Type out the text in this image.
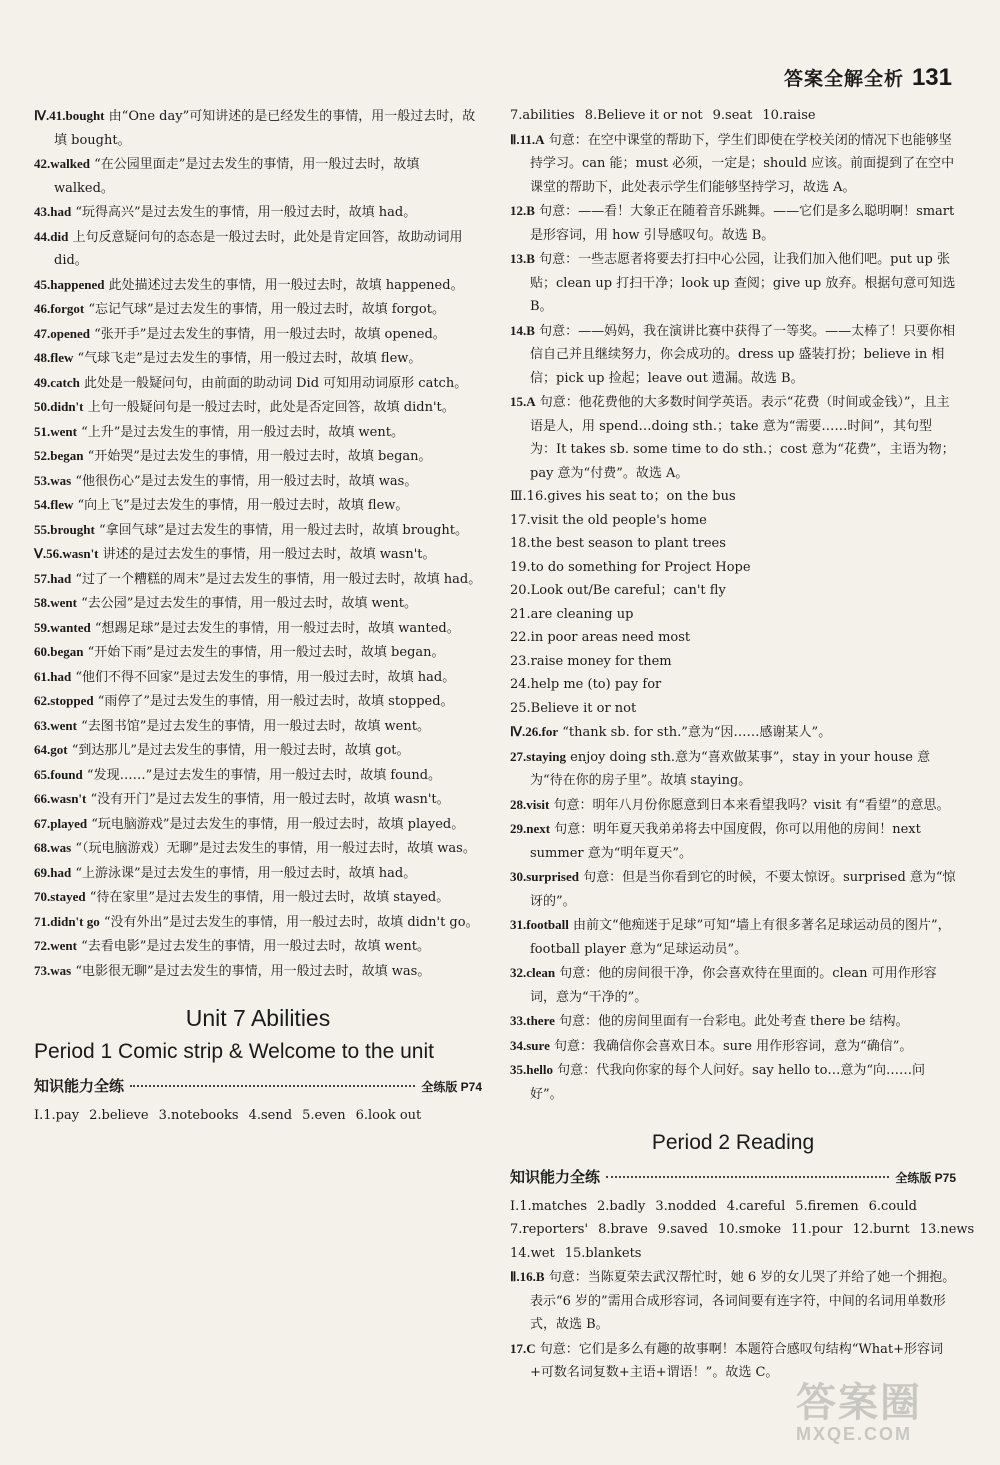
答案全解全析 131

Ⅳ.41.bought 由“One day”可知讲述的是已经发生的事情，用一般过去时，故填 bought。

42.walked “在公园里面走”是过去发生的事情，用一般过去时，故填 walked。

43.had “玩得高兴”是过去发生的事情，用一般过去时，故填 had。

44.did 上句反意疑问句的态态是一般过去时，此处是肯定回答，故助动词用 did。

45.happened 此处描述过去发生的事情，用一般过去时，故填 happened。

46.forgot “忘记气球”是过去发生的事情，用一般过去时，故填 forgot。

47.opened “张开手”是过去发生的事情，用一般过去时，故填 opened。

48.flew “气球飞走”是过去发生的事情，用一般过去时，故填 flew。

49.catch 此处是一般疑问句，由前面的助动词 Did 可知用动词原形 catch。

50.didn't 上句一般疑问句是一般过去时，此处是否定回答，故填 didn't。

51.went “上升”是过去发生的事情，用一般过去时，故填 went。

52.began “开始哭”是过去发生的事情，用一般过去时，故填 began。

53.was “他很伤心”是过去发生的事情，用一般过去时，故填 was。

54.flew “向上飞”是过去发生的事情，用一般过去时，故填 flew。

55.brought “拿回气球”是过去发生的事情，用一般过去时，故填 brought。

Ⅴ.56.wasn't 讲述的是过去发生的事情，用一般过去时，故填 wasn't。

57.had “过了一个糟糕的周末”是过去发生的事情，用一般过去时，故填 had。

58.went “去公园”是过去发生的事情，用一般过去时，故填 went。

59.wanted “想踢足球”是过去发生的事情，用一般过去时，故填 wanted。

60.began “开始下雨”是过去发生的事情，用一般过去时，故填 began。

61.had “他们不得不回家”是过去发生的事情，用一般过去时，故填 had。

62.stopped “雨停了”是过去发生的事情，用一般过去时，故填 stopped。

63.went “去图书馆”是过去发生的事情，用一般过去时，故填 went。

64.got “到达那儿”是过去发生的事情，用一般过去时，故填 got。

65.found “发现……”是过去发生的事情，用一般过去时，故填 found。

66.wasn't “没有开门”是过去发生的事情，用一般过去时，故填 wasn't。

67.played “玩电脑游戏”是过去发生的事情，用一般过去时，故填 played。

68.was “（玩电脑游戏）无聊”是过去发生的事情，用一般过去时，故填 was。

69.had “上游泳课”是过去发生的事情，用一般过去时，故填 had。

70.stayed “待在家里”是过去发生的事情，用一般过去时，故填 stayed。

71.didn't go “没有外出”是过去发生的事情，用一般过去时，故填 didn't go。

72.went “去看电影”是过去发生的事情，用一般过去时，故填 went。

73.was “电影很无聊”是过去发生的事情，用一般过去时，故填 was。

Unit 7 Abilities
Period 1 Comic strip & Welcome to the unit
知识能力全练	全练版 P74
Ⅰ.1.pay 2.believe 3.notebooks 4.send 5.even 6.look out
7.abilities 8.Believe it or not 9.seat 10.raise

Ⅱ.11.A 句意：在空中课堂的帮助下，学生们即使在学校关闭的情况下也能够坚持学习。can 能；must 必须，一定是；should 应该。前面提到了在空中课堂的帮助下，此处表示学生们能够坚持学习，故选 A。

12.B 句意：——看！大象正在随着音乐跳舞。——它们是多么聪明啊！smart 是形容词，用 how 引导感叹句。故选 B。

13.B 句意：一些志愿者将要去打扫中心公园，让我们加入他们吧。put up 张贴；clean up 打扫干净；look up 查阅；give up 放弃。根据句意可知选 B。

14.B 句意：——妈妈，我在演讲比赛中获得了一等奖。——太棒了！只要你相信自己并且继续努力，你会成功的。dress up 盛装打扮；believe in 相信；pick up 捡起；leave out 遗漏。故选 B。

15.A 句意：他花费他的大多数时间学英语。表示“花费（时间或金钱）”，且主语是人，用 spend…doing sth.；take 意为“需要……时间”，其句型为：It takes sb. some time to do sth.；cost 意为“花费”，主语为物；pay 意为“付费”。故选 A。

Ⅲ.16.gives his seat to；on the bus

17.visit the old people's home

18.the best season to plant trees

19.to do something for Project Hope

20.Look out/Be careful；can't fly

21.are cleaning up

22.in poor areas need most

23.raise money for them

24.help me (to) pay for

25.Believe it or not

Ⅳ.26.for “thank sb. for sth.”意为“因……感谢某人”。

27.staying enjoy doing sth.意为“喜欢做某事”，stay in your house 意为“待在你的房子里”。故填 staying。

28.visit 句意：明年八月份你愿意到日本来看望我吗？visit 有“看望”的意思。

29.next 句意：明年夏天我弟弟将去中国度假，你可以用他的房间！next summer 意为“明年夏天”。

30.surprised 句意：但是当你看到它的时候，不要太惊讶。surprised 意为“惊讶的”。

31.football 由前文“他痴迷于足球”可知“墙上有很多著名足球运动员的图片”，football player 意为“足球运动员”。

32.clean 句意：他的房间很干净，你会喜欢待在里面的。clean 可用作形容词，意为“干净的”。

33.there 句意：他的房间里面有一台彩电。此处考查 there be 结构。

34.sure 句意：我确信你会喜欢日本。sure 用作形容词，意为“确信”。

35.hello 句意：代我向你家的每个人问好。say hello to…意为“向……问好”。

Period 2 Reading
知识能力全练	全练版 P75
Ⅰ.1.matches 2.badly 3.nodded 4.careful 5.firemen 6.could
7.reporters' 8.brave 9.saved 10.smoke 11.pour 12.burnt 13.news
14.wet 15.blankets

Ⅱ.16.B 句意：当陈夏荣去武汉帮忙时，她 6 岁的女儿哭了并给了她一个拥抱。表示“6 岁的”需用合成形容词，各词间要有连字符，中间的名词用单数形式，故选 B。

17.C 句意：它们是多么有趣的故事啊！本题符合感叹句结构“What+形容词+可数名词复数+主语+谓语！”。故选 C。

答案圈
MXQE.COM
